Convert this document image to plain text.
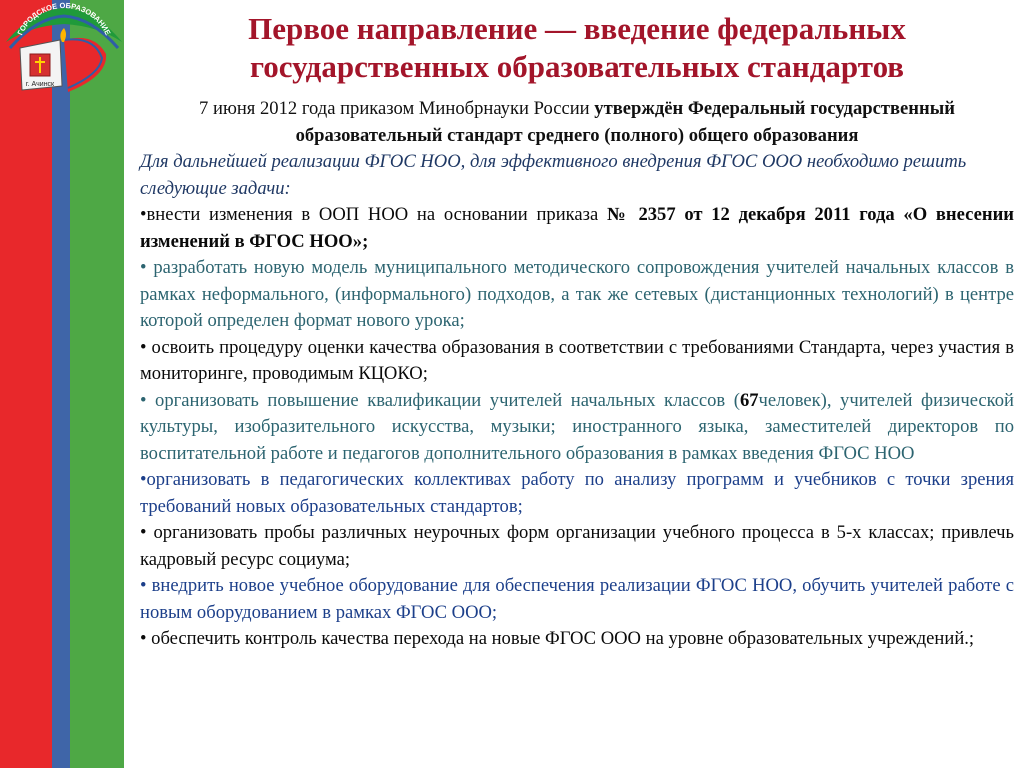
ГОРОДСКОЕ ОБРАЗОВАНИЕ
г. Ачинск
Первое направление — введение федеральных государственных образовательных стандартов

7 июня 2012 года приказом Минобрнауки России утверждён Федеральный государственный образовательный стандарт среднего (полного) общего образования

Для дальнейшей реализации ФГОС НОО, для эффективного внедрения ФГОС ООО необходимо решить следующие задачи:

•внести изменения в ООП НОО на основании приказа № 2357 от 12 декабря 2011 года «О внесении изменений в ФГОС НОО»;

• разработать новую модель муниципального методического сопровождения учителей начальных классов в рамках неформального, (информального) подходов, а так же сетевых (дистанционных технологий) в центре которой определен формат нового урока;

• освоить процедуру оценки качества образования в соответствии с требованиями Стандарта, через участия в мониторинге, проводимым КЦОКО;

• организовать повышение квалификации учителей начальных классов (67человек), учителей физической культуры, изобразительного искусства, музыки; иностранного языка, заместителей директоров по воспитательной работе и педагогов дополнительного образования в рамках введения ФГОС НОО

•организовать в педагогических коллективах работу по анализу программ и учебников с точки зрения требований новых образовательных стандартов;

• организовать пробы различных неурочных форм организации учебного процесса в 5-х классах; привлечь кадровый ресурс социума;

• внедрить новое учебное оборудование для обеспечения реализации ФГОС НОО, обучить учителей работе с новым оборудованием в рамках ФГОС ООО;

• обеспечить контроль качества перехода на новые ФГОС ООО на уровне образовательных учреждений.;
